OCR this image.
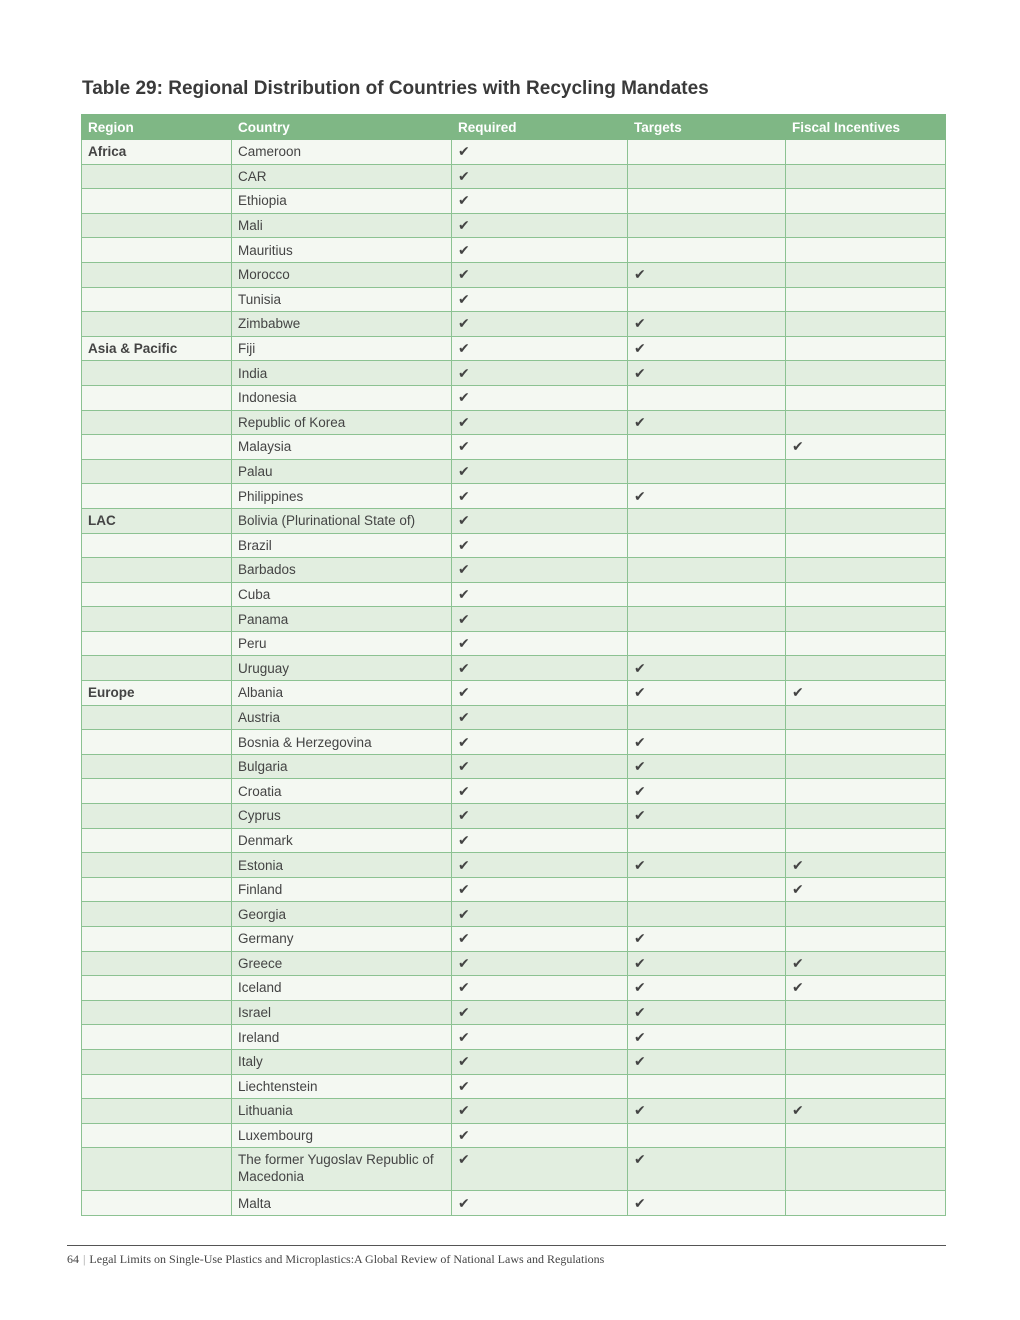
Table 29: Regional Distribution of Countries with Recycling Mandates
Region	Country	Required	Targets	Fiscal Incentives
Africa	Cameroon	✔		
	CAR	✔		
	Ethiopia	✔		
	Mali	✔		
	Mauritius	✔		
	Morocco	✔	✔	
	Tunisia	✔		
	Zimbabwe	✔	✔	
Asia & Pacific	Fiji	✔	✔	
	India	✔	✔	
	Indonesia	✔		
	Republic of Korea	✔	✔	
	Malaysia	✔		✔
	Palau	✔		
	Philippines	✔	✔	
LAC	Bolivia (Plurinational State of)	✔		
	Brazil	✔		
	Barbados	✔		
	Cuba	✔		
	Panama	✔		
	Peru	✔		
	Uruguay	✔	✔	
Europe	Albania	✔	✔	✔
	Austria	✔		
	Bosnia & Herzegovina	✔	✔	
	Bulgaria	✔	✔	
	Croatia	✔	✔	
	Cyprus	✔	✔	
	Denmark	✔		
	Estonia	✔	✔	✔
	Finland	✔		✔
	Georgia	✔		
	Germany	✔	✔	
	Greece	✔	✔	✔
	Iceland	✔	✔	✔
	Israel	✔	✔	
	Ireland	✔	✔	
	Italy	✔	✔	
	Liechtenstein	✔		
	Lithuania	✔	✔	✔
	Luxembourg	✔		
	The former Yugoslav Republic of Macedonia	✔	✔	
	Malta	✔	✔	
64 | Legal Limits on Single-Use Plastics and Microplastics:A Global Review of National Laws and Regulations
